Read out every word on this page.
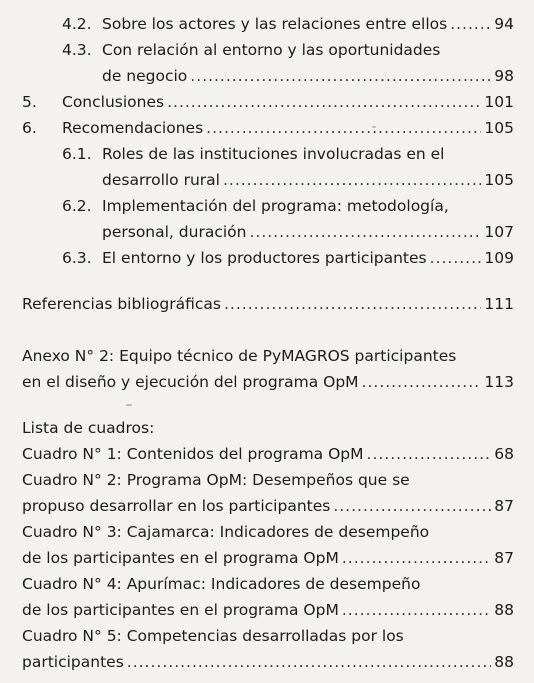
4.2. Sobre los actores y las relaciones entre ellos .....	94
4.3. Con relación al entorno y las oportunidades
de negocio .....	98
5.	Conclusiones .....	101
6.	Recomendaciones .....	105
6.1. Roles de las instituciones involucradas en el
desarrollo rural .....	105
6.2. Implementación del programa: metodología,
personal, duración .....	107
6.3. El entorno y los productores participantes .....	109
Referencias bibliográficas .....	111
Anexo N° 2: Equipo técnico de PyMAGROS participantes
en el diseño y ejecución del programa OpM .....	113
Lista de cuadros:
Cuadro N° 1: Contenidos del programa OpM .....	68
Cuadro N° 2: Programa OpM: Desempeños que se
propuso desarrollar en los participantes .....	87
Cuadro N° 3: Cajamarca: Indicadores de desempeño
de los participantes en el programa OpM .....	87
Cuadro N° 4: Apurímac: Indicadores de desempeño
de los participantes en el programa OpM .....	88
Cuadro N° 5: Competencias desarrolladas por los
participantes .....	88
